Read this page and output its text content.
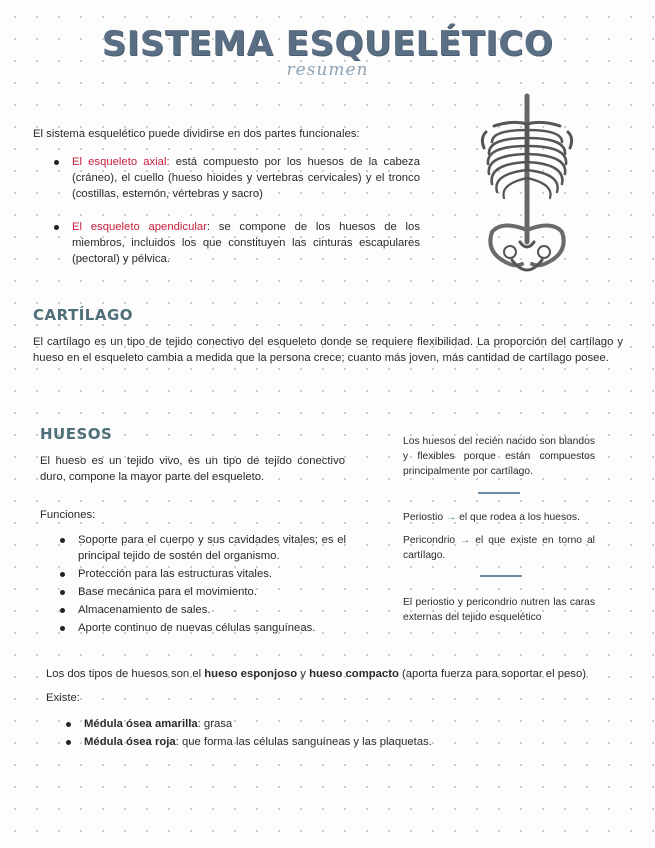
SISTEMA ESQUELÉTICO
resumen
El sistema esquelético puede dividirse en dos partes funcionales:
El esqueleto axial: está compuesto por los huesos de la cabeza (cráneo), el cuello (hueso hioides y vertebras cervicales) y el tronco (costillas, esternón, vértebras y sacro)
El esqueleto apendicular: se compone de los huesos de los miembros, incluidos los que constituyen las cinturas escapulares (pectoral) y pélvica.
CARTÍLAGO
El cartílago es un tipo de tejido conectivo del esqueleto donde se requiere flexibilidad. La proporción del cartílago y hueso en el esqueleto cambia a medida que la persona crece; cuanto más joven, más cantidad de cartílago posee.
HUESOS
El hueso es un tejido vivo, es un tipo de tejido conectivo duro, compone la mayor parte del esqueleto.
Funciones:
Soporte para el cuerpo y sus cavidades vitales; es el principal tejido de sostén del organismo.
Protección para las estructuras vitales.
Base mecánica para el movimiento.
Almacenamiento de sales.
Aporte continuo de nuevas células sanguíneas.
Los huesos del recién nacido son blandos y flexibles porque están compuestos principalmente por cartílago.
Periostio → el que rodea a los huesos.
Pericondrio → el que existe en torno al cartílago.
El periostio y pericondrio nutren las caras externas del tejido esquelético
Los dos tipos de huesos son el hueso esponjoso y hueso compacto (aporta fuerza para soportar el peso)
Existe:
Médula ósea amarilla: grasa
Médula ósea roja: que forma las células sanguíneas y las plaquetas.
